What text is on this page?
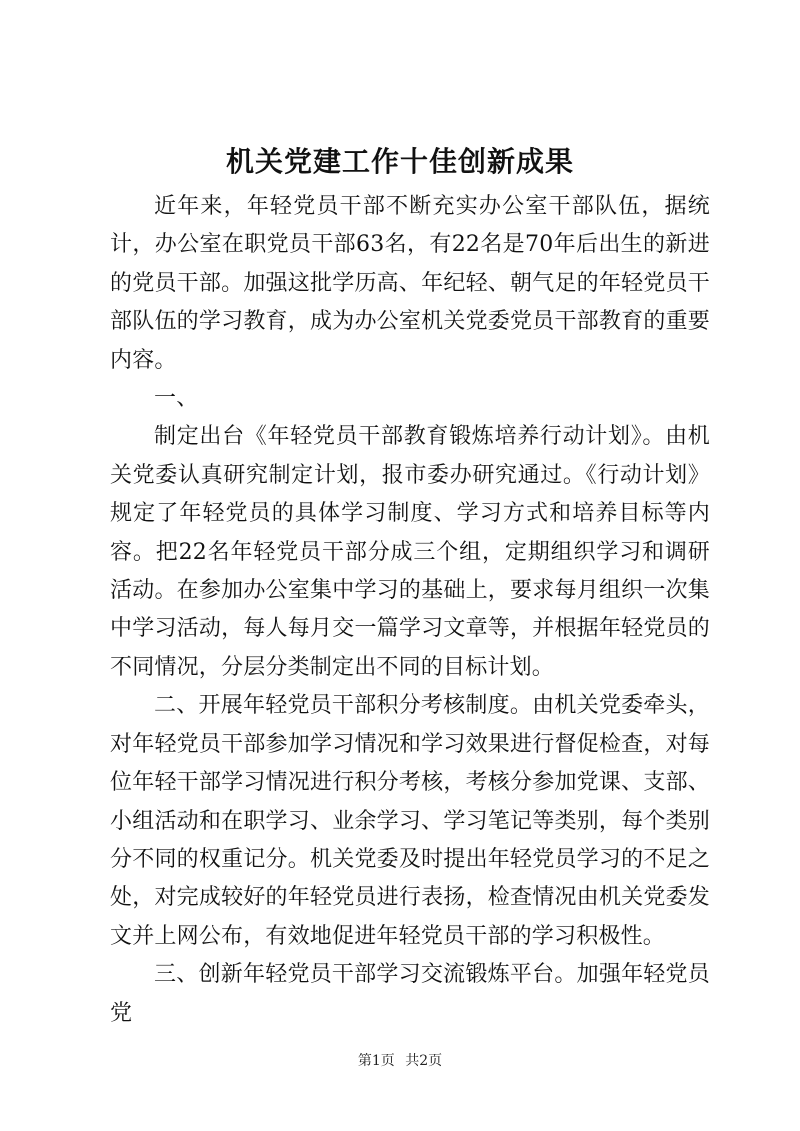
机关党建工作十佳创新成果

近年来，年轻党员干部不断充实办公室干部队伍，据统计，办公室在职党员干部63名，有22名是70年后出生的新进的党员干部。加强这批学历高、年纪轻、朝气足的年轻党员干部队伍的学习教育，成为办公室机关党委党员干部教育的重要内容。

一、

制定出台《年轻党员干部教育锻炼培养行动计划》。由机关党委认真研究制定计划，报市委办研究通过。《行动计划》规定了年轻党员的具体学习制度、学习方式和培养目标等内容。把22名年轻党员干部分成三个组，定期组织学习和调研活动。在参加办公室集中学习的基础上，要求每月组织一次集中学习活动，每人每月交一篇学习文章等，并根据年轻党员的不同情况，分层分类制定出不同的目标计划。

二、开展年轻党员干部积分考核制度。由机关党委牵头，对年轻党员干部参加学习情况和学习效果进行督促检查，对每位年轻干部学习情况进行积分考核，考核分参加党课、支部、小组活动和在职学习、业余学习、学习笔记等类别，每个类别分不同的权重记分。机关党委及时提出年轻党员学习的不足之处，对完成较好的年轻党员进行表扬，检查情况由机关党委发文并上网公布，有效地促进年轻党员干部的学习积极性。

三、创新年轻党员干部学习交流锻炼平台。加强年轻党员党

第1页 共2页
